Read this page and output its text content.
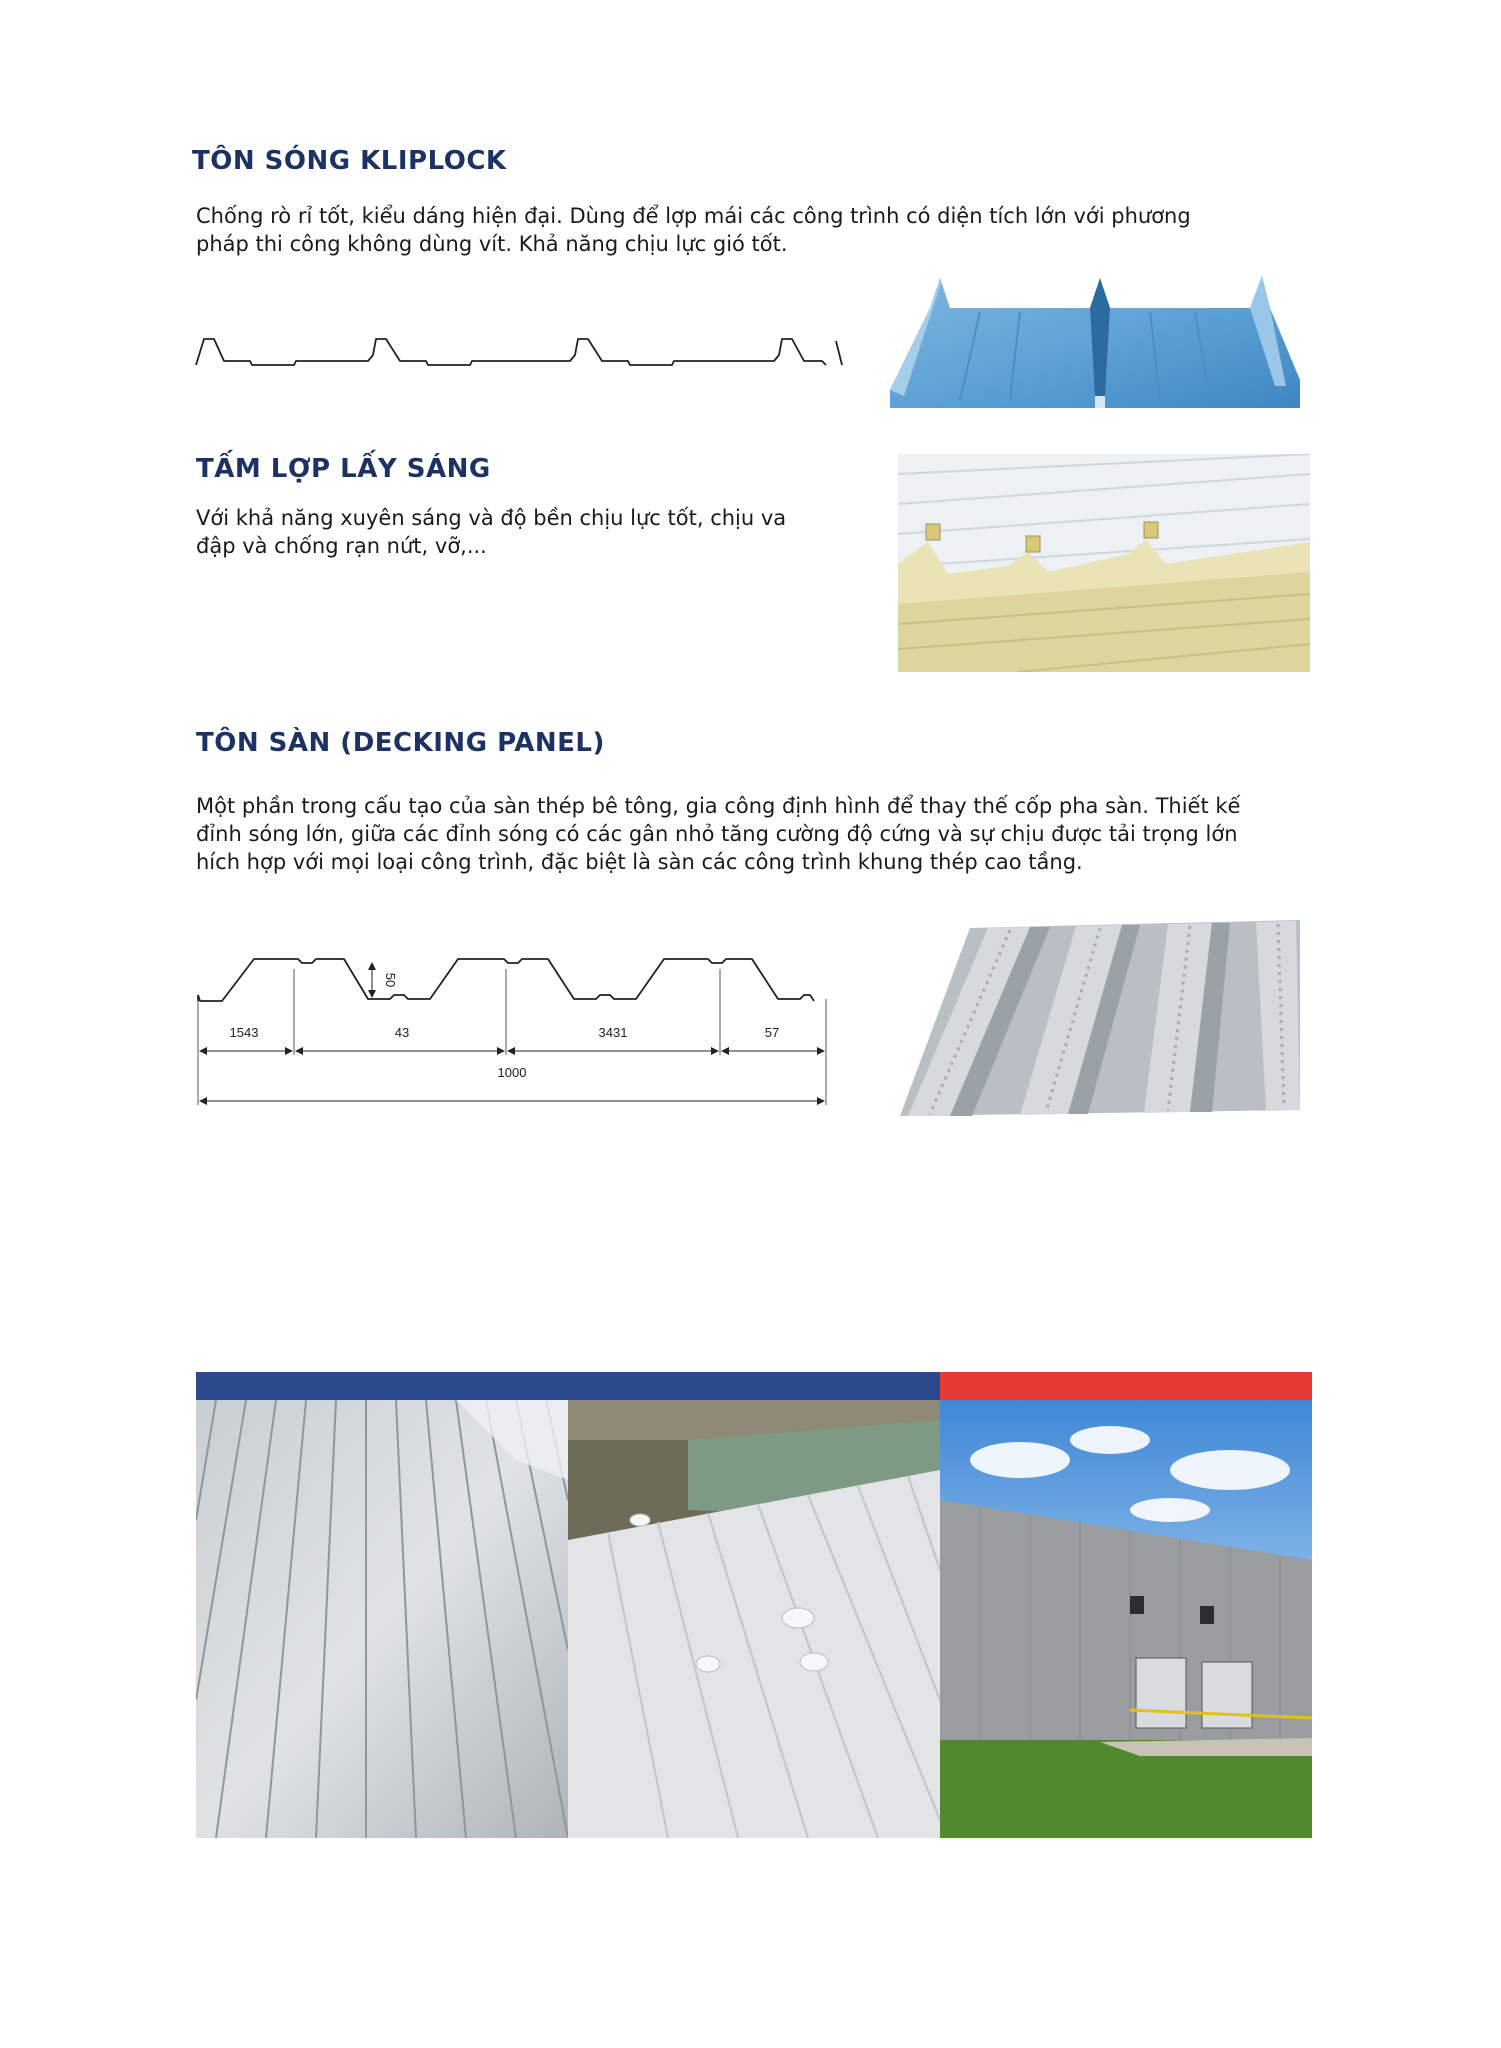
TÔN SÓNG KLIPLOCK
Chống rò rỉ tốt, kiểu dáng hiện đại. Dùng để lợp mái các công trình có diện tích lớn với phương
pháp thi công không dùng vít. Khả năng chịu lực gió tốt.
TẤM LỢP LẤY SÁNG
Với khả năng xuyên sáng và độ bền chịu lực tốt, chịu va
đập và chống rạn nứt, vỡ,...
TÔN SÀN (DECKING PANEL)
Một phần trong cấu tạo của sàn thép bê tông, gia công định hình để thay thế cốp pha sàn. Thiết kế
đỉnh sóng lớn, giữa các đỉnh sóng có các gân nhỏ tăng cường độ cứng và sự chịu được tải trọng lớn
hích hợp với mọi loại công trình, đặc biệt là sàn các công trình khung thép cao tầng.
50
1543	43	3431	57
1000
